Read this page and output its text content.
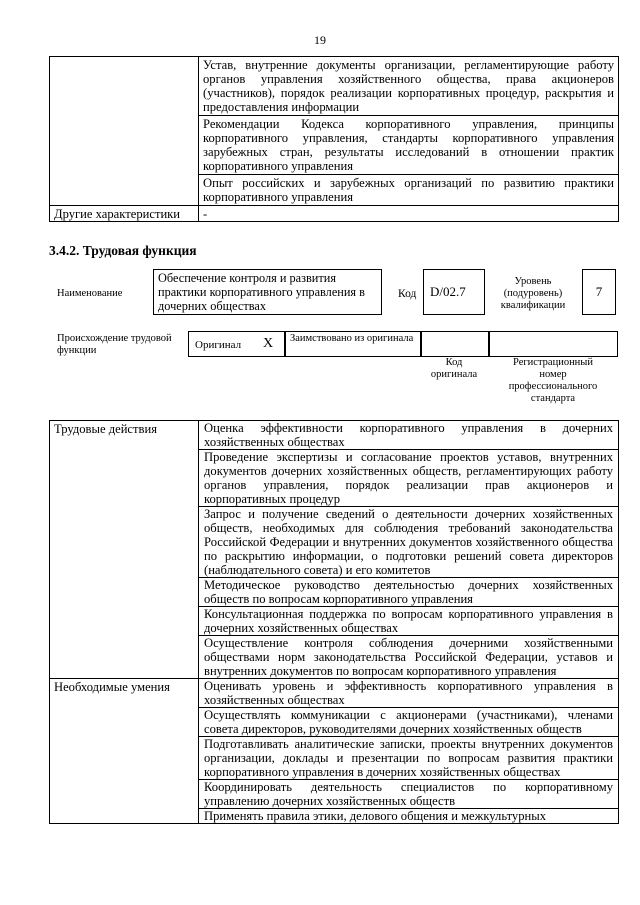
19
	Устав, внутренние документы организации, регламентирующие работу органов управления хозяйственного общества, права акционеров (участников), порядок реализации корпоративных процедур, раскрытия и предоставления информации
	Рекомендации Кодекса корпоративного управления, принципы корпоративного управления, стандарты корпоративного управления зарубежных стран, результаты исследований в отношении практик корпоративного управления
	Опыт российских и зарубежных организаций по развитию практики корпоративного управления
Другие характеристики	-
3.4.2. Трудовая функция
Наименование
Обеспечение контроля и развития практики корпоративного управления в дочерних обществах
Код	D/02.7
Уровень (подуровень) квалификации
7
Происхождение трудовой функции	Оригинал X	Заимствовано из оригинала
Код оригинала
Регистрационный номер профессионального стандарта
Трудовые действия	Оценка эффективности корпоративного управления в дочерних хозяйственных обществах
	Проведение экспертизы и согласование проектов уставов, внутренних документов дочерних хозяйственных обществ, регламентирующих работу органов управления, порядок реализации прав акционеров и корпоративных процедур
	Запрос и получение сведений о деятельности дочерних хозяйственных обществ, необходимых для соблюдения требований законодательства Российской Федерации и внутренних документов хозяйственного общества по раскрытию информации, о подготовки решений совета директоров (наблюдательного совета) и его комитетов
	Методическое руководство деятельностью дочерних хозяйственных обществ по вопросам корпоративного управления
	Консультационная поддержка по вопросам корпоративного управления в дочерних хозяйственных обществах
	Осуществление контроля соблюдения дочерними хозяйственными обществами норм законодательства Российской Федерации, уставов и внутренних документов по вопросам корпоративного управления
Необходимые умения	Оценивать уровень и эффективность корпоративного управления в хозяйственных обществах
	Осуществлять коммуникации с акционерами (участниками), членами совета директоров, руководителями дочерних хозяйственных обществ
	Подготавливать аналитические записки, проекты внутренних документов организации, доклады и презентации по вопросам развития практики корпоративного управления в дочерних хозяйственных обществах
	Координировать деятельность специалистов по корпоративному управлению дочерних хозяйственных обществ
	Применять правила этики, делового общения и межкультурных
